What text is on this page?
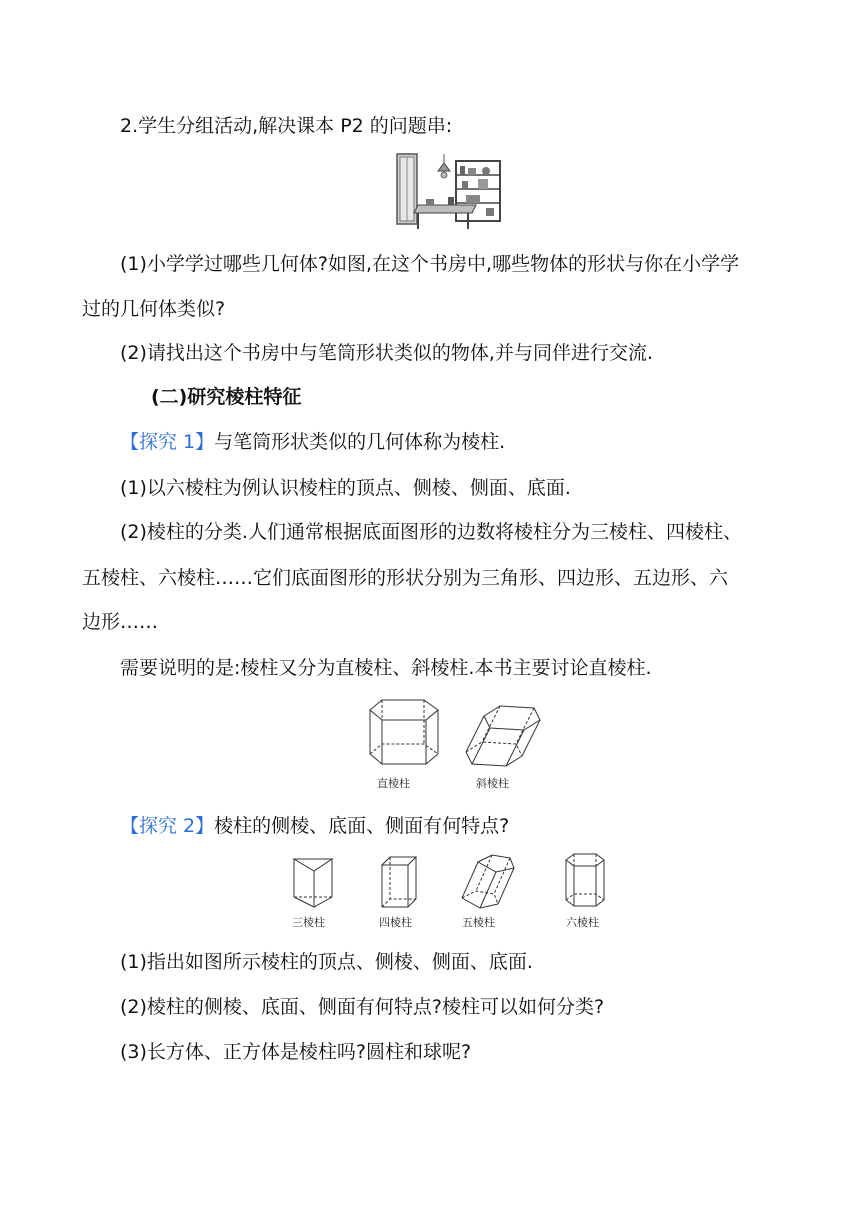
2.学生分组活动,解决课本 P2 的问题串:
(1)小学学过哪些几何体?如图,在这个书房中,哪些物体的形状与你在小学学
过的几何体类似?
(2)请找出这个书房中与笔筒形状类似的物体,并与同伴进行交流.
(二)研究棱柱特征
【探究 1】与笔筒形状类似的几何体称为棱柱.
(1)以六棱柱为例认识棱柱的顶点、侧棱、侧面、底面.
(2)棱柱的分类.人们通常根据底面图形的边数将棱柱分为三棱柱、四棱柱、
五棱柱、六棱柱……它们底面图形的形状分别为三角形、四边形、五边形、六
边形……
需要说明的是:棱柱又分为直棱柱、斜棱柱.本书主要讨论直棱柱.
直棱柱	斜棱柱
【探究 2】棱柱的侧棱、底面、侧面有何特点?
三棱柱	四棱柱	五棱柱	六棱柱
(1)指出如图所示棱柱的顶点、侧棱、侧面、底面.
(2)棱柱的侧棱、底面、侧面有何特点?棱柱可以如何分类?
(3)长方体、正方体是棱柱吗?圆柱和球呢?
